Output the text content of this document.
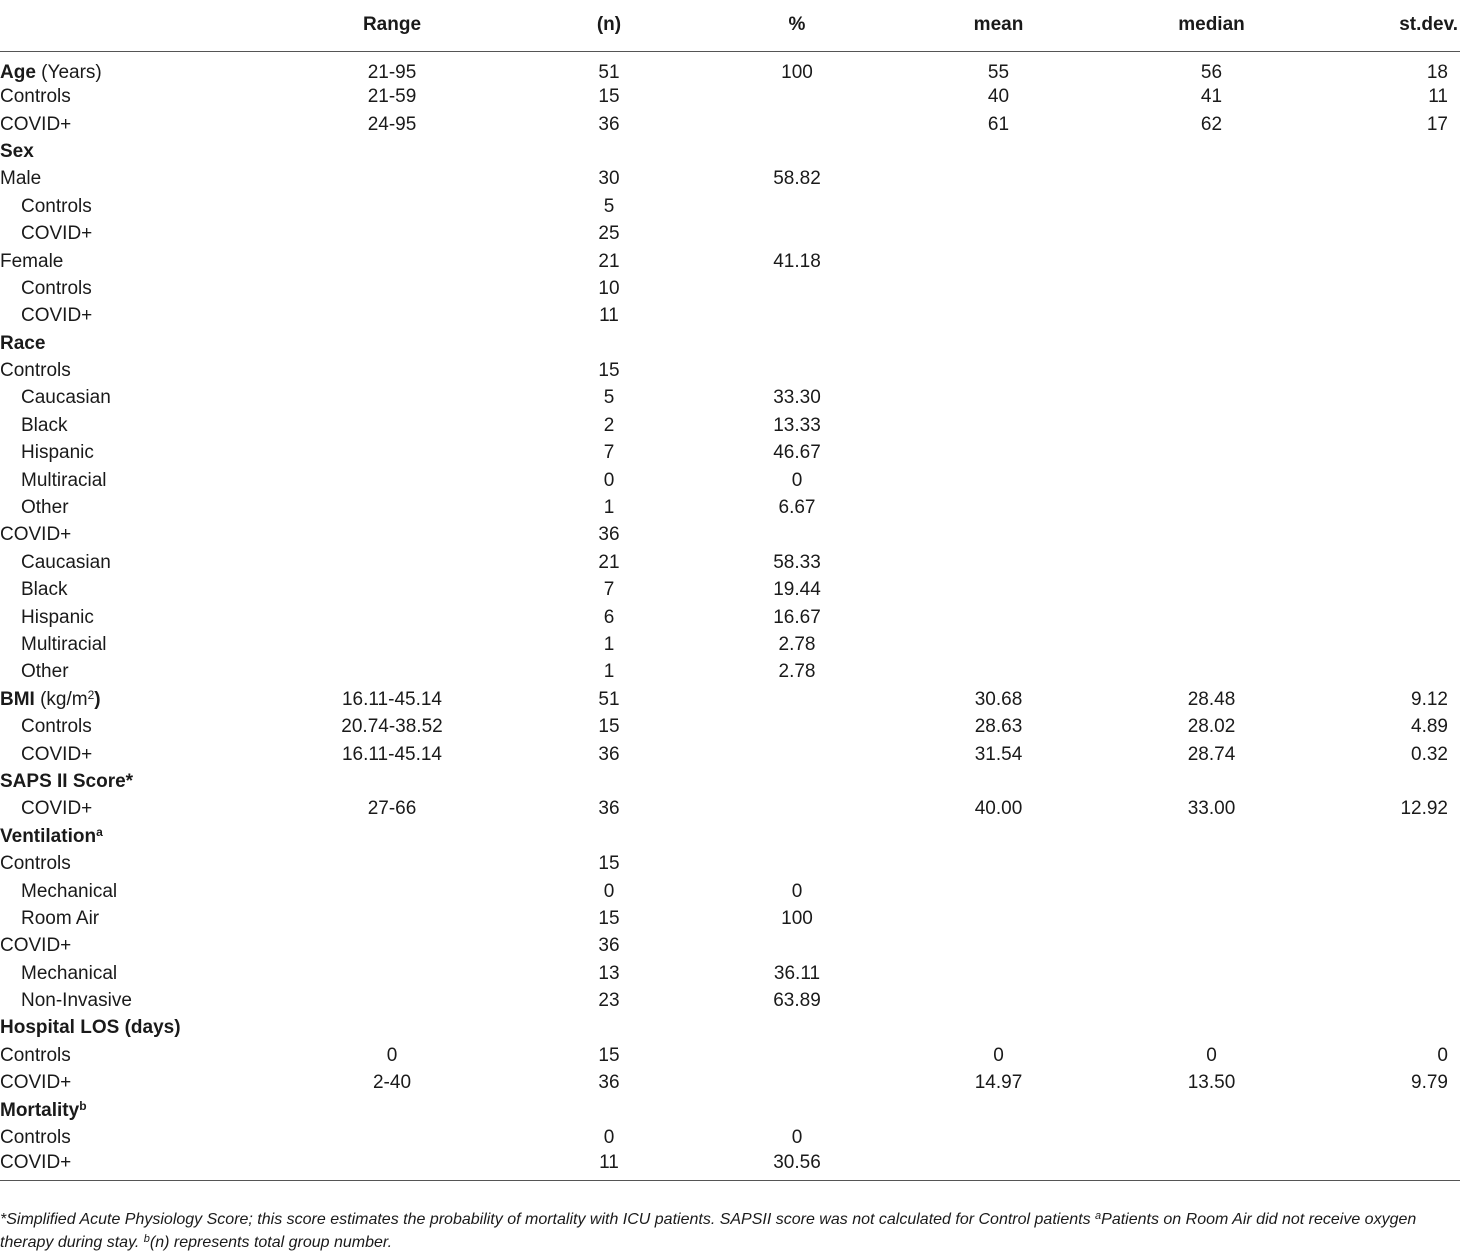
	Range	(n)	%	mean	median	st.dev.
Age (Years)	21-95	51	100	55	56	18
Controls	21-59	15		40	41	11
COVID+	24-95	36		61	62	17
Sex						
Male		30	58.82			
Controls		5				
COVID+		25				
Female		21	41.18			
Controls		10				
COVID+		11				
Race						
Controls		15				
Caucasian		5	33.30			
Black		2	13.33			
Hispanic		7	46.67			
Multiracial		0	0			
Other		1	6.67			
COVID+		36				
Caucasian		21	58.33			
Black		7	19.44			
Hispanic		6	16.67			
Multiracial		1	2.78			
Other		1	2.78			
BMI $(kg/m^2)$	16.11-45.14	51		30.68	28.48	9.12
Controls	20.74-38.52	15		28.63	28.02	4.89
COVID+	16.11-45.14	36		31.54	28.74	0.32
SAPS II Score*						
COVID+	27-66	36		40.00	33.00	12.92
Ventilation$^a$						
Controls		15				
Mechanical		0	0			
Room Air		15	100			
COVID+		36				
Mechanical		13	36.11			
Non-Invasive		23	63.89			
Hospital LOS (days)						
Controls	0	15		0	0	0
COVID+	2-40	36		14.97	13.50	9.79
Mortality$^b$						
Controls		0	0			
COVID+		11	30.56			
*Simplified Acute Physiology Score; this score estimates the probability of mortality with ICU patients. SAPSII score was not calculated for Control patients $^a$Patients on Room Air did not receive oxygen therapy during stay. $^b$(n) represents total group number.
